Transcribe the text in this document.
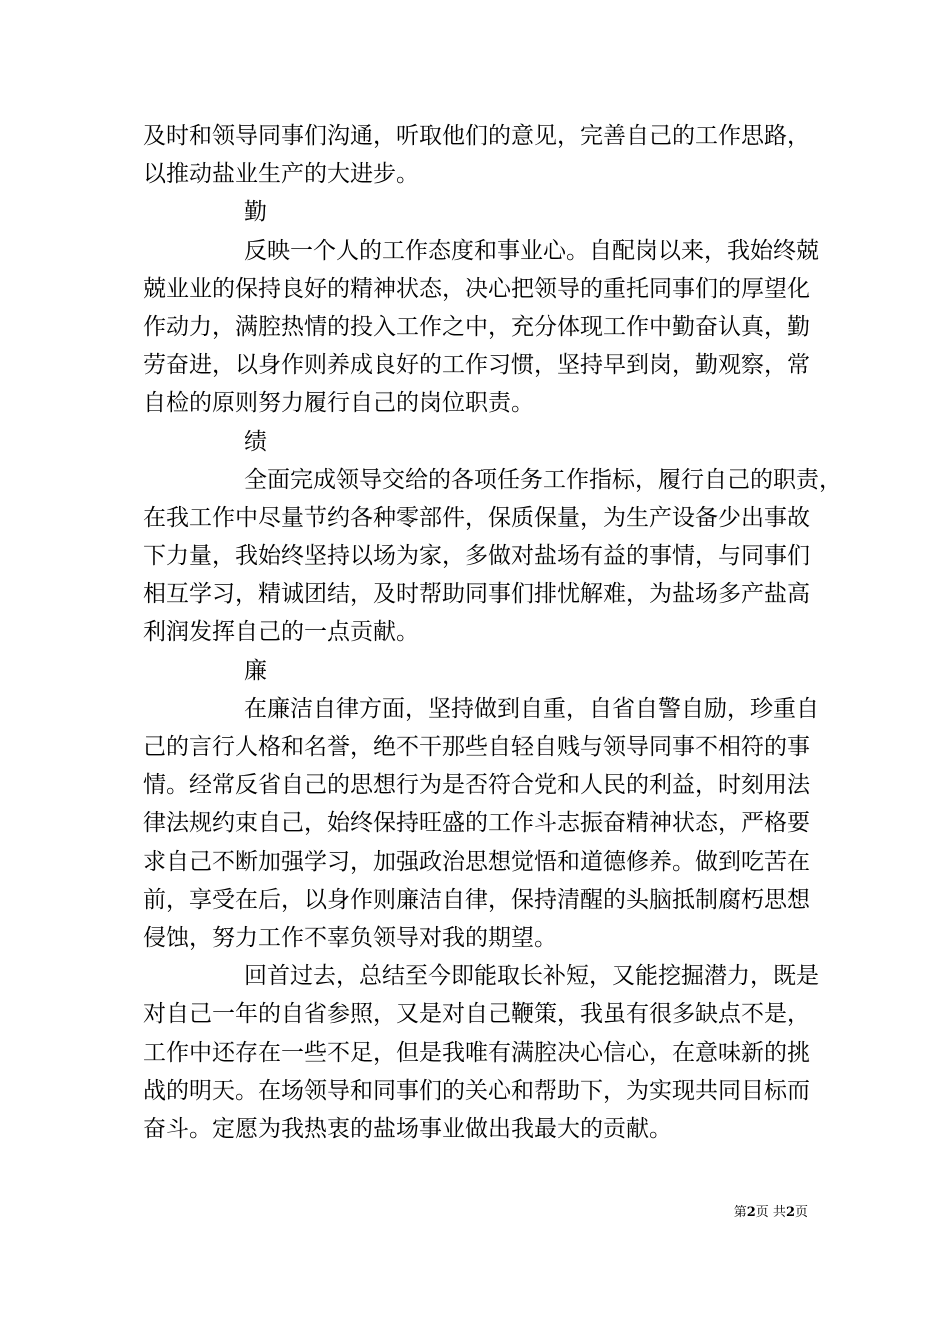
及时和领导同事们沟通，听取他们的意见，完善自己的工作思路，
以推动盐业生产的大进步。
勤
反映一个人的工作态度和事业心。自配岗以来，我始终兢
兢业业的保持良好的精神状态，决心把领导的重托同事们的厚望化
作动力，满腔热情的投入工作之中，充分体现工作中勤奋认真，勤
劳奋进，以身作则养成良好的工作习惯，坚持早到岗，勤观察，常
自检的原则努力履行自己的岗位职责。
绩
全面完成领导交给的各项任务工作指标，履行自己的职责，
在我工作中尽量节约各种零部件，保质保量，为生产设备少出事故
下力量，我始终坚持以场为家，多做对盐场有益的事情，与同事们
相互学习，精诚团结，及时帮助同事们排忧解难，为盐场多产盐高
利润发挥自己的一点贡献。
廉
在廉洁自律方面，坚持做到自重，自省自警自励，珍重自
己的言行人格和名誉，绝不干那些自轻自贱与领导同事不相符的事
情。经常反省自己的思想行为是否符合党和人民的利益，时刻用法
律法规约束自己，始终保持旺盛的工作斗志振奋精神状态，严格要
求自己不断加强学习，加强政治思想觉悟和道德修养。做到吃苦在
前，享受在后，以身作则廉洁自律，保持清醒的头脑抵制腐朽思想
侵蚀，努力工作不辜负领导对我的期望。
回首过去，总结至今即能取长补短，又能挖掘潜力，既是
对自己一年的自省参照，又是对自己鞭策，我虽有很多缺点不是，
工作中还存在一些不足，但是我唯有满腔决心信心，在意味新的挑
战的明天。在场领导和同事们的关心和帮助下，为实现共同目标而
奋斗。定愿为我热衷的盐场事业做出我最大的贡献。
第2页 共2页
